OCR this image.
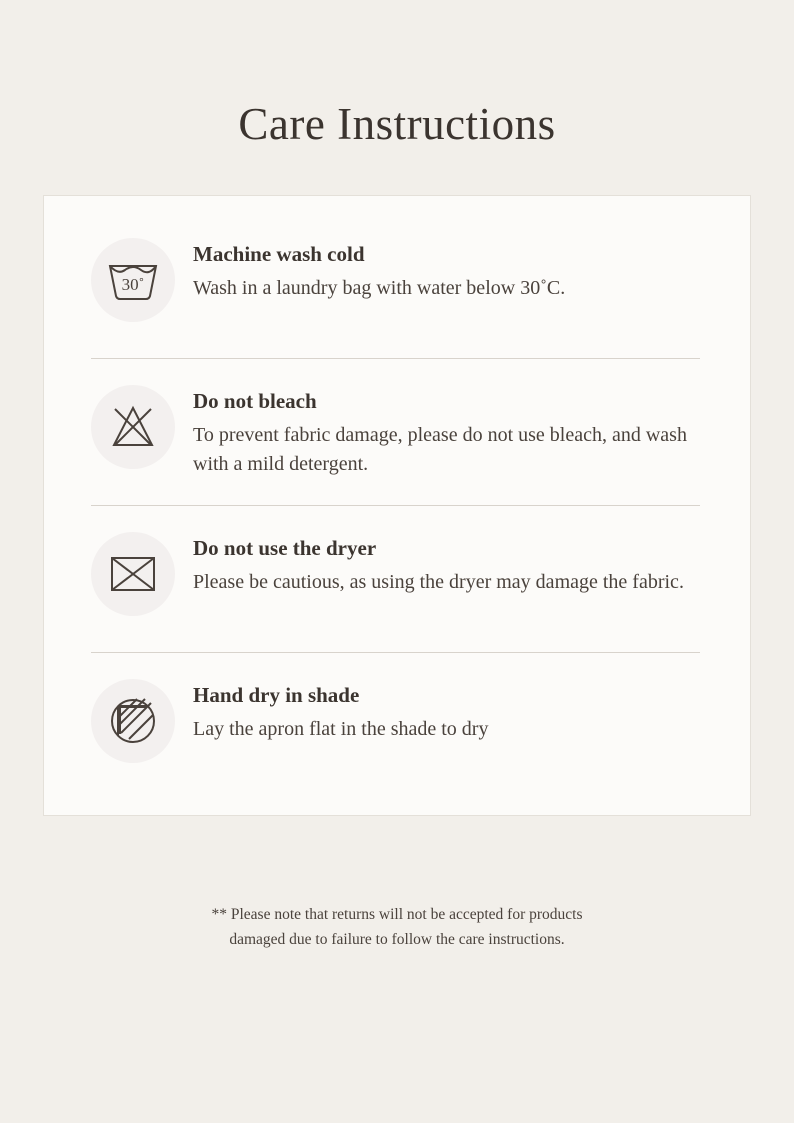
Care Instructions
30˚

Machine wash cold

Wash in a laundry bag with water below 30˚C.

Do not bleach

To prevent fabric damage, please do not use bleach, and wash with a mild detergent.

Do not use the dryer

Please be cautious, as using the dryer may damage the fabric.

Hand dry in shade

Lay the apron flat in the shade to dry

** Please note that returns will not be accepted for products
damaged due to failure to follow the care instructions.
